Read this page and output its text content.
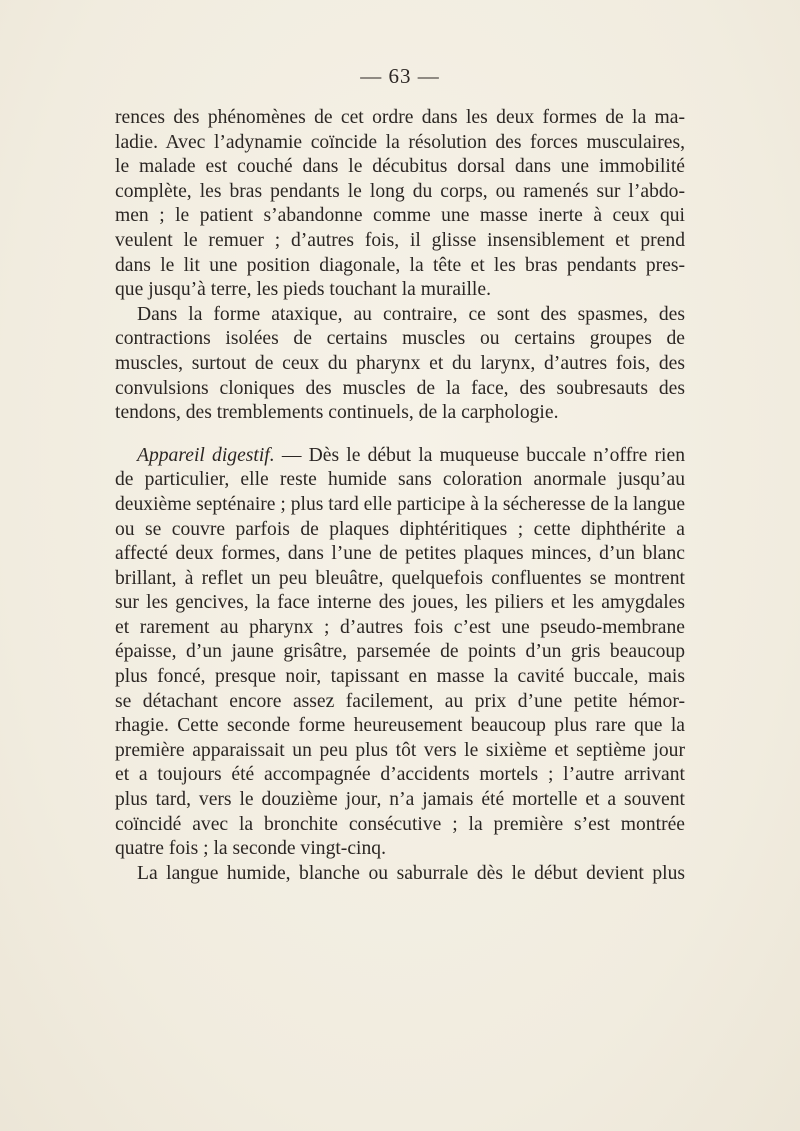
— 63 —

rences des phénomènes de cet ordre dans les deux formes de la ma-
ladie. Avec l’adynamie coïncide la résolution des forces musculaires,
le malade est couché dans le décubitus dorsal dans une immobilité
complète, les bras pendants le long du corps, ou ramenés sur l’abdo-
men ; le patient s’abandonne comme une masse inerte à ceux qui
veulent le remuer ; d’autres fois, il glisse insensiblement et prend
dans le lit une position diagonale, la tête et les bras pendants pres-
que jusqu’à terre, les pieds touchant la muraille.

Dans la forme ataxique, au contraire, ce sont des spasmes, des
contractions isolées de certains muscles ou certains groupes de
muscles, surtout de ceux du pharynx et du larynx, d’autres fois, des
convulsions cloniques des muscles de la face, des soubresauts des
tendons, des tremblements continuels, de la carphologie.

Appareil digestif. — Dès le début la muqueuse buccale n’offre rien
de particulier, elle reste humide sans coloration anormale jusqu’au
deuxième septénaire ; plus tard elle participe à la sécheresse de la langue
ou se couvre parfois de plaques diphtéritiques ; cette diphthérite a
affecté deux formes, dans l’une de petites plaques minces, d’un blanc
brillant, à reflet un peu bleuâtre, quelquefois confluentes se montrent
sur les gencives, la face interne des joues, les piliers et les amygdales
et rarement au pharynx ; d’autres fois c’est une pseudo-membrane
épaisse, d’un jaune grisâtre, parsemée de points d’un gris beaucoup
plus foncé, presque noir, tapissant en masse la cavité buccale, mais
se détachant encore assez facilement, au prix d’une petite hémor-
rhagie. Cette seconde forme heureusement beaucoup plus rare que la
première apparaissait un peu plus tôt vers le sixième et septième jour
et a toujours été accompagnée d’accidents mortels ; l’autre arrivant
plus tard, vers le douzième jour, n’a jamais été mortelle et a souvent
coïncidé avec la bronchite consécutive ; la première s’est montrée
quatre fois ; la seconde vingt-cinq.

La langue humide, blanche ou saburrale dès le début devient plus
